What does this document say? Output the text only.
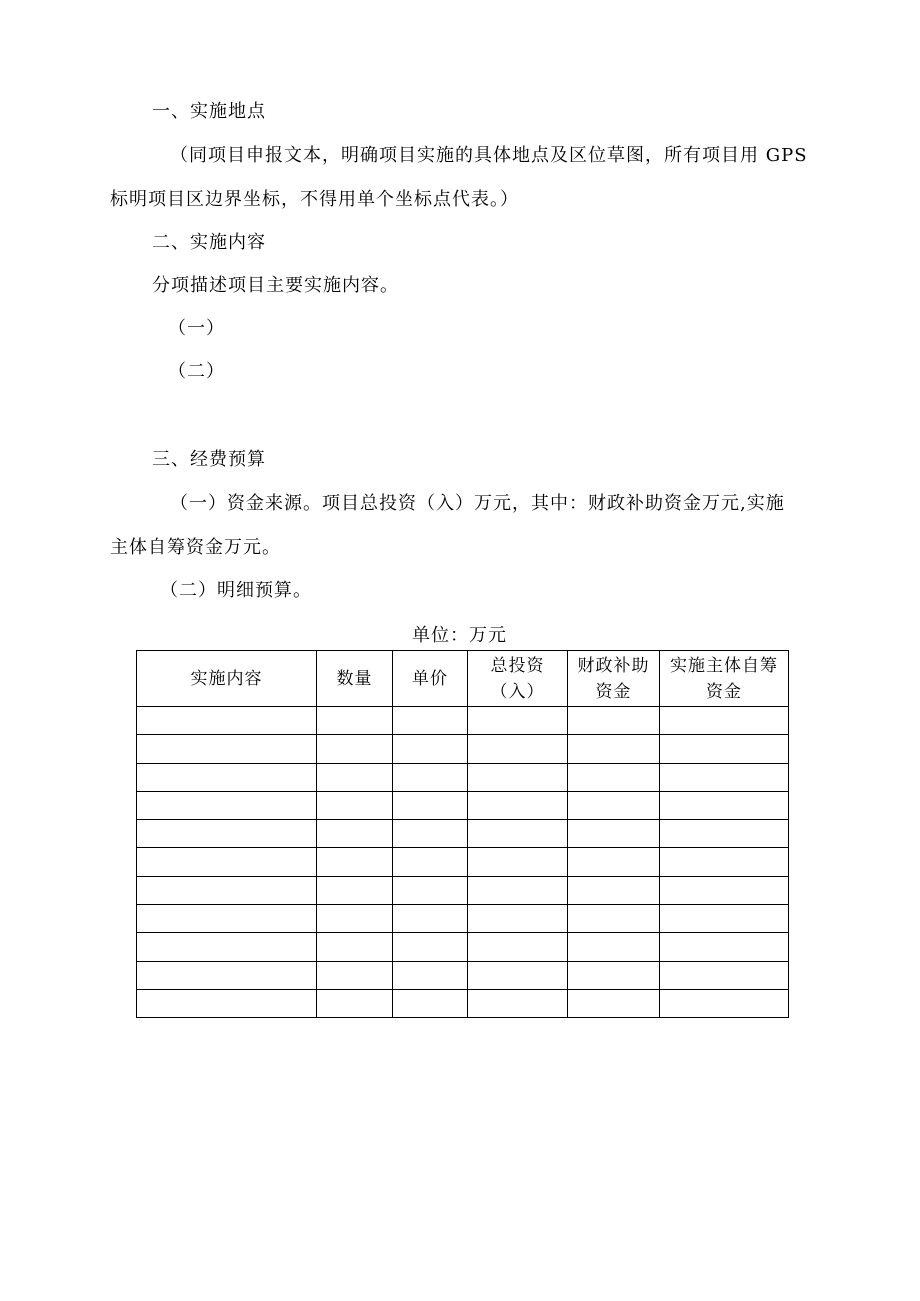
一、实施地点
（同项目申报文本，明确项目实施的具体地点及区位草图，所有项目用 GPS
标明项目区边界坐标，不得用单个坐标点代表。）
二、实施内容
分项描述项目主要实施内容。
（一）
（二）
三、经费预算
（一）资金来源。项目总投资（入）万元，其中：财政补助资金万元,实施
主体自筹资金万元。
（二）明细预算。
单位：万元
实施内容	数量	单价	总投资（入）	财政补助资金	实施主体自筹资金
